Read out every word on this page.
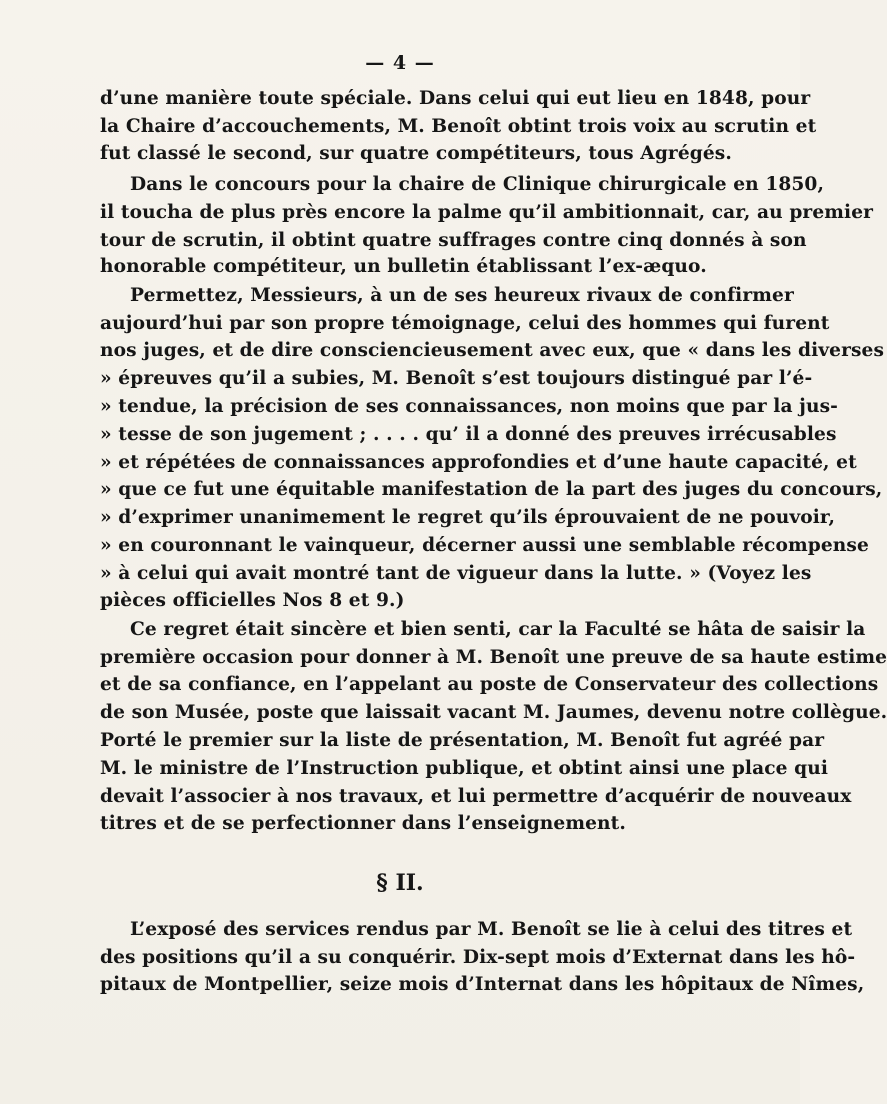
— 4 —
d’une manière toute spéciale. Dans celui qui eut lieu en 1848, pour
la Chaire d’accouchements, M. Benoît obtint trois voix au scrutin et
fut classé le second, sur quatre compétiteurs, tous Agrégés.
Dans le concours pour la chaire de Clinique chirurgicale en 1850,
il toucha de plus près encore la palme qu’il ambitionnait, car, au premier
tour de scrutin, il obtint quatre suffrages contre cinq donnés à son
honorable compétiteur, un bulletin établissant l’ex-æquo.
Permettez, Messieurs, à un de ses heureux rivaux de confirmer
aujourd’hui par son propre témoignage, celui des hommes qui furent
nos juges, et de dire consciencieusement avec eux, que « dans les diverses
» épreuves qu’il a subies, M. Benoît s’est toujours distingué par l’é-
» tendue, la précision de ses connaissances, non moins que par la jus-
» tesse de son jugement ; . . . . qu’ il a donné des preuves irrécusables
» et répétées de connaissances approfondies et d’une haute capacité, et
» que ce fut une équitable manifestation de la part des juges du concours,
» d’exprimer unanimement le regret qu’ils éprouvaient de ne pouvoir,
» en couronnant le vainqueur, décerner aussi une semblable récompense
» à celui qui avait montré tant de vigueur dans la lutte. » (Voyez les
pièces officielles Nos 8 et 9.)
Ce regret était sincère et bien senti, car la Faculté se hâta de saisir la
première occasion pour donner à M. Benoît une preuve de sa haute estime
et de sa confiance, en l’appelant au poste de Conservateur des collections
de son Musée, poste que laissait vacant M. Jaumes, devenu notre collègue.
Porté le premier sur la liste de présentation, M. Benoît fut agréé par
M. le ministre de l’Instruction publique, et obtint ainsi une place qui
devait l’associer à nos travaux, et lui permettre d’acquérir de nouveaux
titres et de se perfectionner dans l’enseignement.
§ II.
L’exposé des services rendus par M. Benoît se lie à celui des titres et
des positions qu’il a su conquérir. Dix-sept mois d’Externat dans les hô-
pitaux de Montpellier, seize mois d’Internat dans les hôpitaux de Nîmes,
